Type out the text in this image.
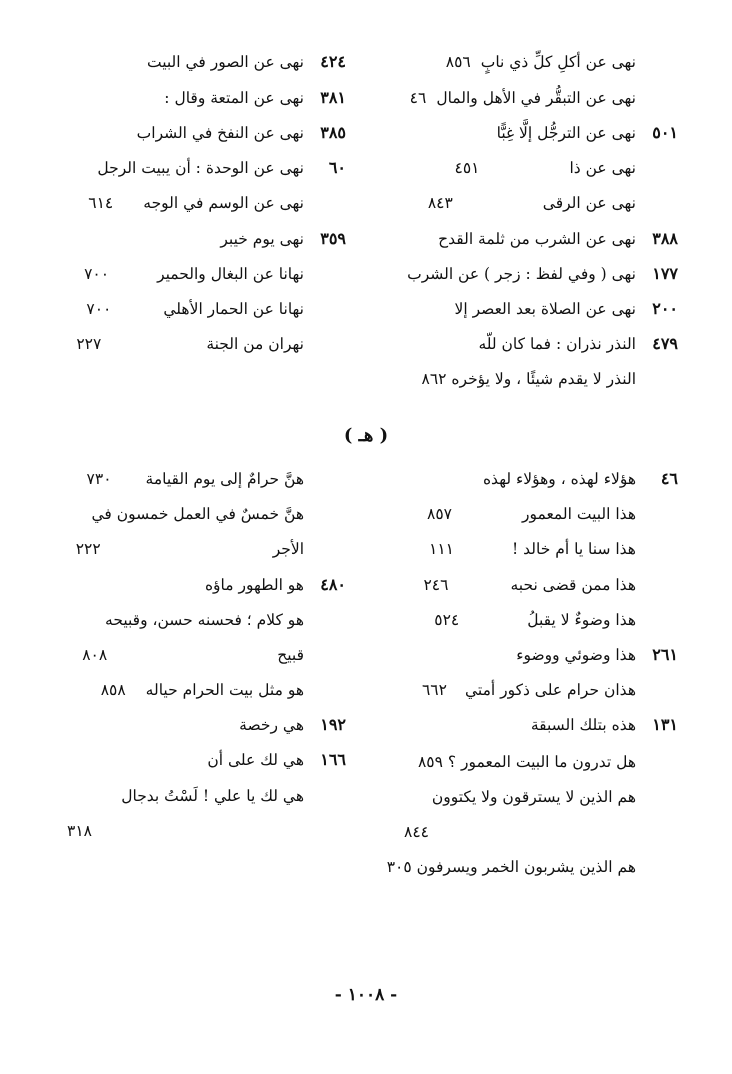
نهى عن أكلِ كلِّ ذي نابٍ٨٥٦
نهى عن التبقُّر في الأهل والمال٤٦
٥٠١
نهى عن الترجُّل إلَّا غِبًّا
نهى عن ذا٤٥١
نهى عن الرقى٨٤٣
٣٨٨
نهى عن الشرب من ثلمة القدح
١٧٧
نهى ( وفي لفظ : زجر ) عن الشرب
٢٠٠
نهى عن الصلاة بعد العصر إلا
٤٧٩
النذر نذران : فما كان للّه
النذر لا يقدم شيئًا ، ولا يؤخره ٨٦٢
٤٢٤
نهى عن الصور في البيت
٣٨١
نهى عن المتعة وقال :
٣٨٥
نهى عن النفخ في الشراب
٦٠
نهى عن الوحدة : أن يبيت الرجل
نهى عن الوسم في الوجه٦١٤
٣٥٩
نهى يوم خيبر
نهانا عن البغال والحمير٧٠٠
نهانا عن الحمار الأهلي٧٠٠
نهران من الجنة٢٢٧
( هـ )
٤٦
هؤلاء لهذه ، وهؤلاء لهذه
هذا البيت المعمور٨٥٧
هذا سنا يا أم خالد !١١١
هذا ممن قضى نحبه٢٤٦
هذا وضوءٌ لا يقبلُ٥٢٤
٢٦١
هذا وضوئي ووضوء
هذان حرام على ذكور أمتي٦٦٢
١٣١
هذه بتلك السبقة
هل تدرون ما البيت المعمور ؟ ٨٥٩
هم الذين لا يسترقون ولا يكتوون
٨٤٤
هم الذين يشربون الخمر ويسرفون ٣٠٥
هنَّ حرامٌ إلى يوم القيامة٧٣٠
هنَّ خمسٌ في العمل خمسون في
الأجر٢٢٢
٤٨٠
هو الطهور ماؤه
هو كلام ؛ فحسنه حسن، وقبيحه
قبيح٨٠٨
هو مثل بيت الحرام حياله٨٥٨
١٩٢
هي رخصة
١٦٦
هي لك على أن
هي لك يا علي ! لَسْتُ بدجال
٣١٨
- ١٠٠٨ -
